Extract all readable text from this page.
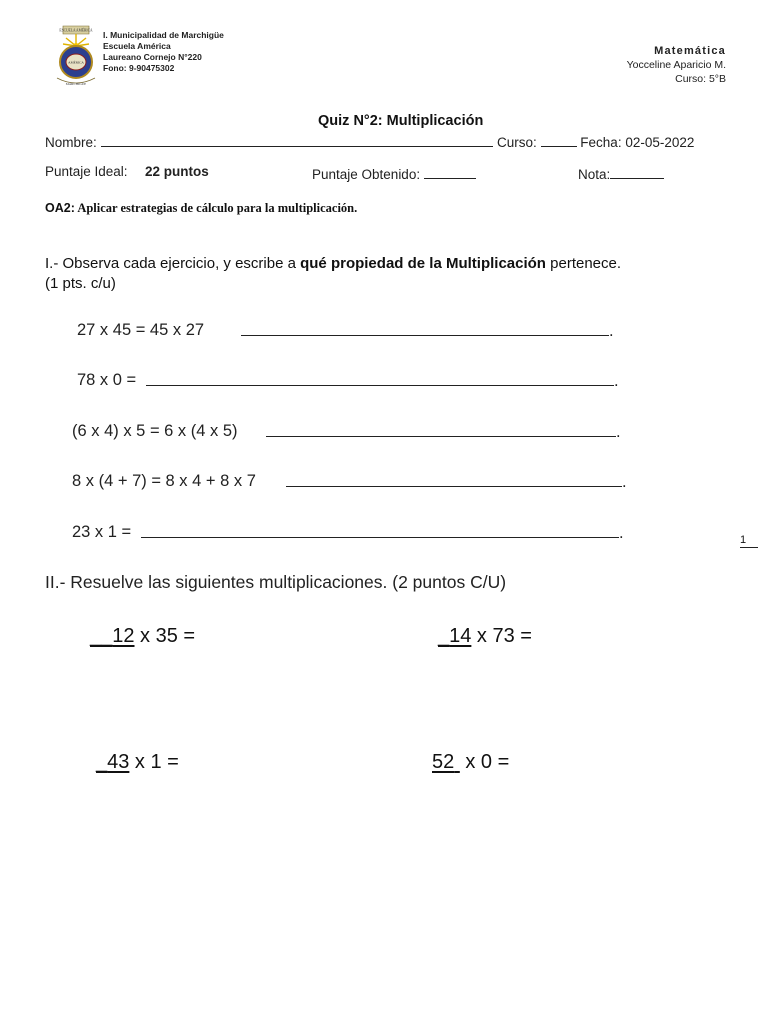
ESCUELA AMÉRICA
AMÉRICA
MARCHIGÜE
I. Municipalidad de Marchigüe
Escuela América
Laureano Cornejo N°220
Fono: 9-90475302
Matemática
Yocceline Aparicio M.
Curso: 5°B
Quiz N°2: Multiplicación
Nombre:	Curso:	Fecha: 02-05-2022
Puntaje Ideal: 22 puntos	Puntaje Obtenido:	Nota:
OA2: Aplicar estrategias de cálculo para la multiplicación.
I.- Observa cada ejercicio, y escribe a qué propiedad de la Multiplicación pertenece.
(1 pts. c/u)
27 x 45 = 45 x 27	.
78 x 0 =	.
(6 x 4) x 5 = 6 x (4 x 5)	.
8 x (4 + 7) = 8 x 4 + 8 x 7	.
23 x 1 =	.	1
II.- Resuelve las siguientes multiplicaciones. (2 puntos C/U)
__12 x 35 =	_14 x 73 =
_43 x 1 =	52  x 0 =
